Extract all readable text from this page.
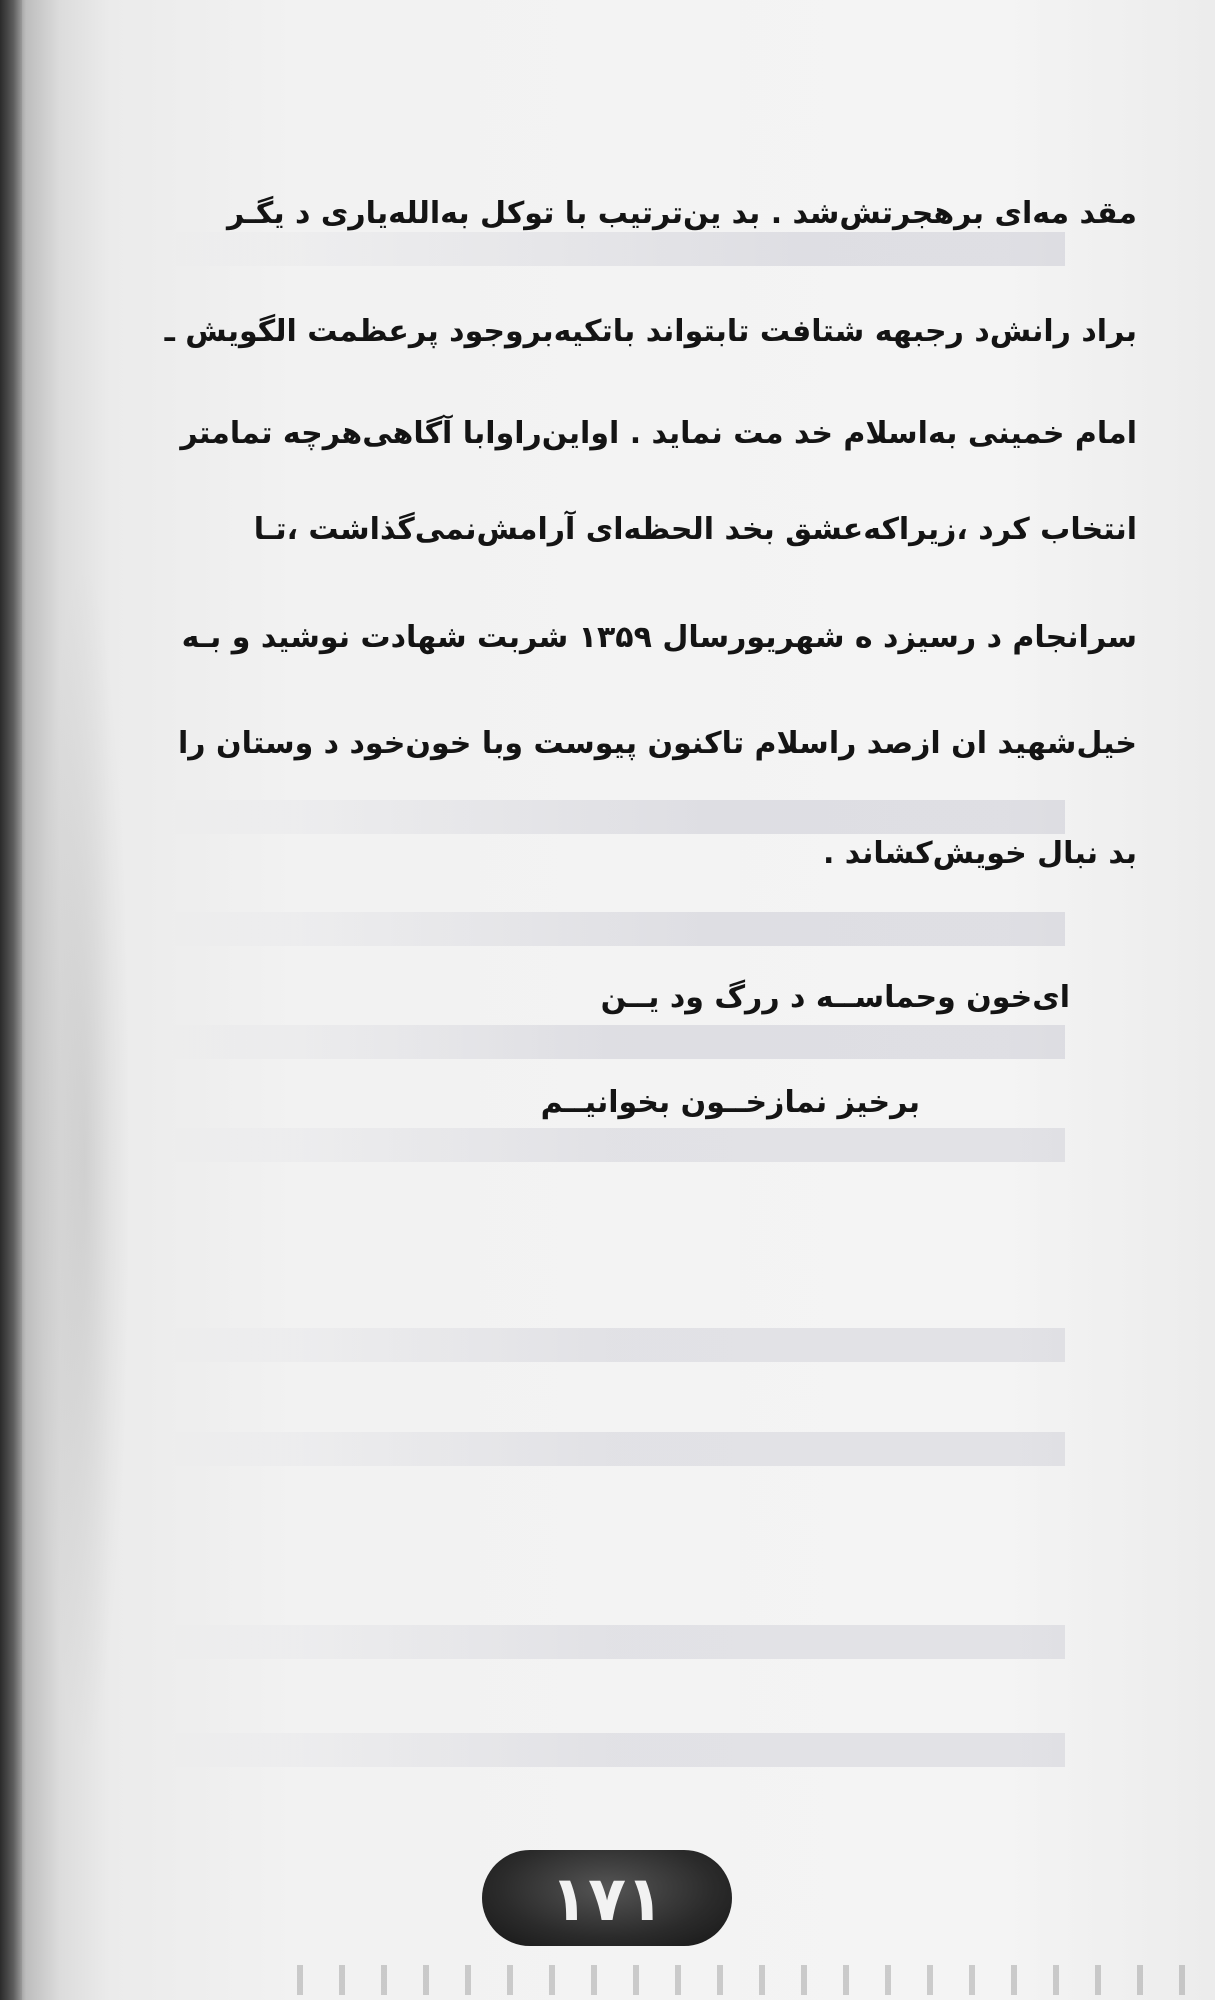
مقد مه‌ای برهجرتش‌شد . بد ین‌ترتیب با توکل به‌الله‌یاری د یگـر
براد رانش‌د رجبهه شتافت تابتواند باتکیه‌بروجود پرعظمت الگویش ـ
امام خمینی به‌اسلام خد مت نماید . اواین‌راوابا آگاهی‌هرچه تمامتر
انتخاب کرد ،زیراکه‌عشق بخد الحظه‌ای آرامش‌نمی‌گذاشت ،تـا
سرانجام د رسیزد ه شهریورسال ۱۳۵۹ شربت شهادت نوشید و بـه
خیل‌شهید ان ازصد راسلام تاکنون پیوست وبا خون‌خود د وستان را
بد نبال خویش‌کشاند .
ای‌خون وحماســه د ررگ ود یــن
برخیز نمازخــون بخوانیــم
۱۷۱
